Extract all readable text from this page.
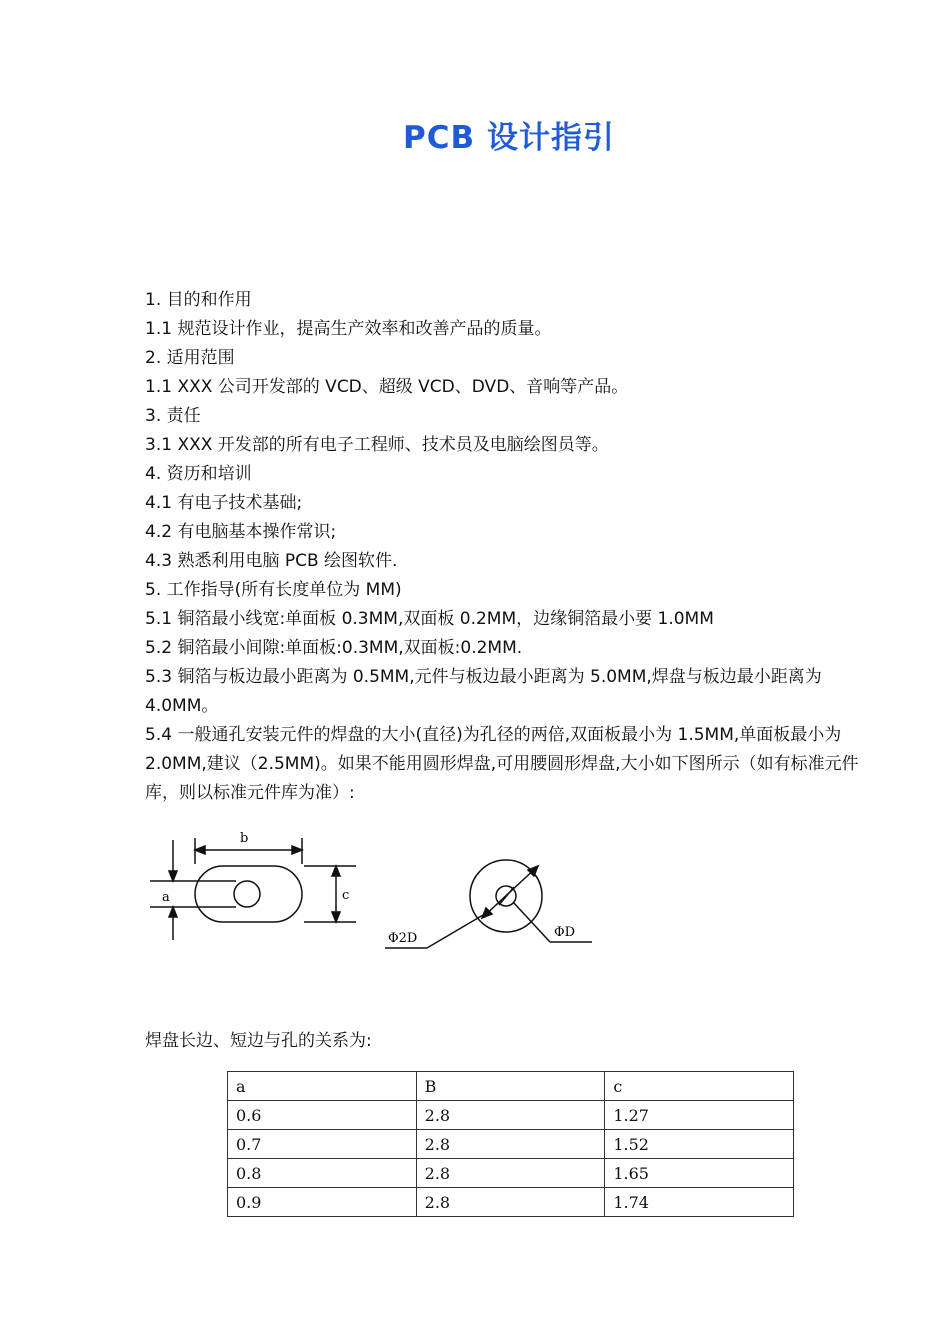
PCB 设计指引

1. 目的和作用

1.1 规范设计作业，提高生产效率和改善产品的质量。

2. 适用范围

1.1 XXX 公司开发部的 VCD、超级 VCD、DVD、音响等产品。

3. 责任

3.1 XXX 开发部的所有电子工程师、技术员及电脑绘图员等。

4. 资历和培训

4.1 有电子技术基础;

4.2 有电脑基本操作常识;

4.3 熟悉利用电脑 PCB 绘图软件.

5. 工作指导(所有长度单位为 MM)

5.1 铜箔最小线宽:单面板 0.3MM,双面板 0.2MM，边缘铜箔最小要 1.0MM

5.2 铜箔最小间隙:单面板:0.3MM,双面板:0.2MM.

5.3 铜箔与板边最小距离为 0.5MM,元件与板边最小距离为 5.0MM,焊盘与板边最小距离为 4.0MM。

5.4 一般通孔安装元件的焊盘的大小(直径)为孔径的两倍,双面板最小为 1.5MM,单面板最小为 2.0MM,建议（2.5MM)。如果不能用圆形焊盘,可用腰圆形焊盘,大小如下图所示（如有标准元件库，则以标准元件库为准）:

a
b
c
Φ2D	ΦD
焊盘长边、短边与孔的关系为:
a	B	c
0.6	2.8	1.27
0.7	2.8	1.52
0.8	2.8	1.65
0.9	2.8	1.74
